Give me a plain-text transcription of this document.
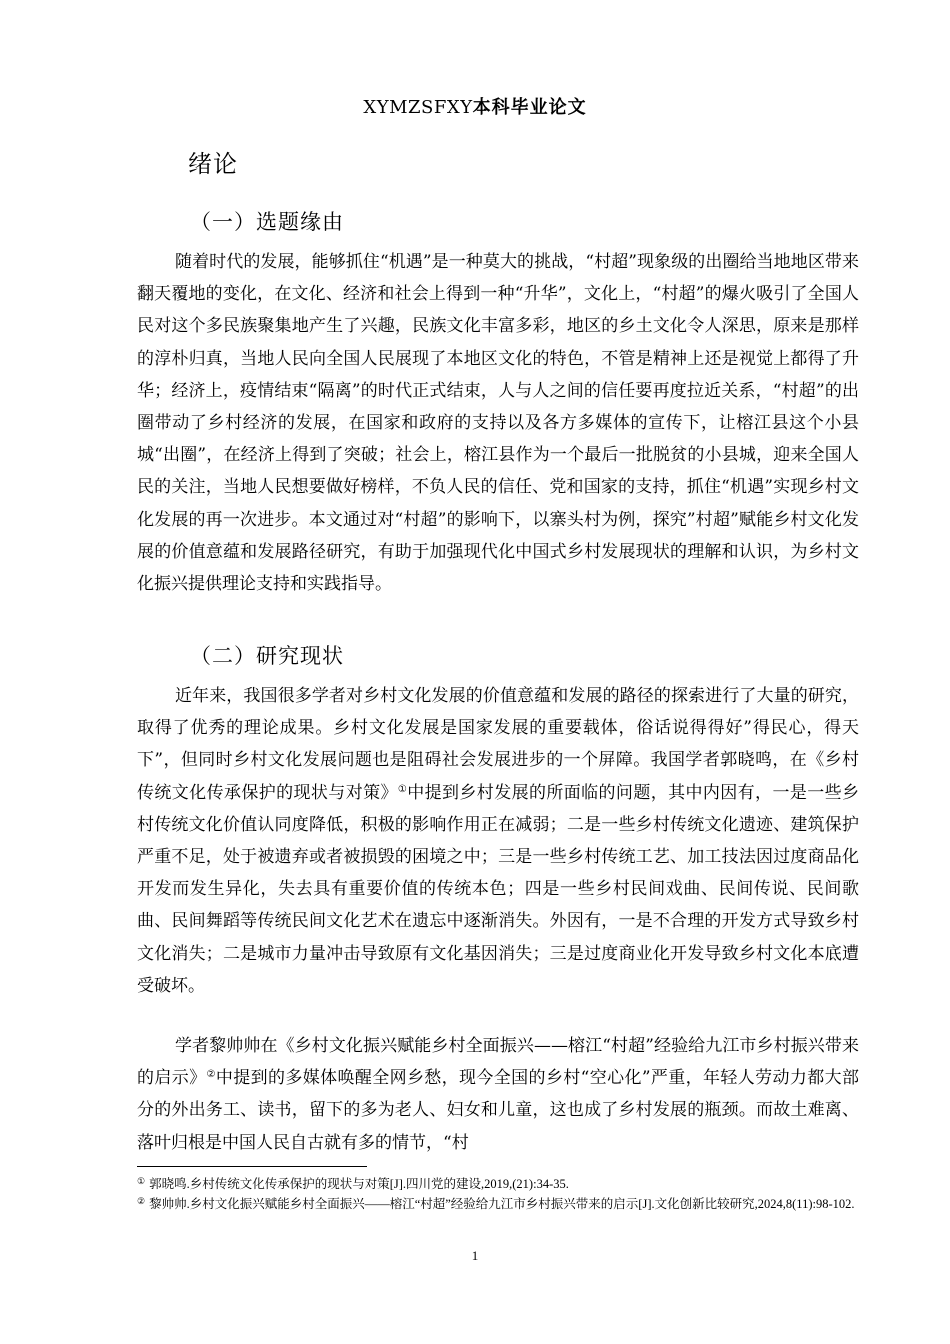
XYMZSFXY本科毕业论文
绪论
（一）选题缘由

随着时代的发展，能够抓住“机遇”是一种莫大的挑战，“村超”现象级的出圈给当地地区带来翻天覆地的变化，在文化、经济和社会上得到一种“升华”，文化上，“村超”的爆火吸引了全国人民对这个多民族聚集地产生了兴趣，民族文化丰富多彩，地区的乡土文化令人深思，原来是那样的淳朴归真，当地人民向全国人民展现了本地区文化的特色，不管是精神上还是视觉上都得了升华；经济上，疫情结束“隔离”的时代正式结束，人与人之间的信任要再度拉近关系，“村超”的出圈带动了乡村经济的发展，在国家和政府的支持以及各方多媒体的宣传下，让榕江县这个小县城“出圈”，在经济上得到了突破；社会上，榕江县作为一个最后一批脱贫的小县城，迎来全国人民的关注，当地人民想要做好榜样，不负人民的信任、党和国家的支持，抓住“机遇”实现乡村文化发展的再一次进步。本文通过对“村超”的影响下，以寨头村为例，探究”村超”赋能乡村文化发展的价值意蕴和发展路径研究，有助于加强现代化中国式乡村发展现状的理解和认识，为乡村文化振兴提供理论支持和实践指导。

（二）研究现状

近年来，我国很多学者对乡村文化发展的价值意蕴和发展的路径的探索进行了大量的研究，取得了优秀的理论成果。乡村文化发展是国家发展的重要载体，俗话说得得好”得民心，得天下”，但同时乡村文化发展问题也是阻碍社会发展进步的一个屏障。我国学者郭晓鸣，在《乡村传统文化传承保护的现状与对策》①中提到乡村发展的所面临的问题，其中内因有，一是一些乡村传统文化价值认同度降低，积极的影响作用正在减弱；二是一些乡村传统文化遗迹、建筑保护严重不足，处于被遗弃或者被损毁的困境之中；三是一些乡村传统工艺、加工技法因过度商品化开发而发生异化，失去具有重要价值的传统本色；四是一些乡村民间戏曲、民间传说、民间歌曲、民间舞蹈等传统民间文化艺术在遗忘中逐渐消失。外因有，一是不合理的开发方式导致乡村文化消失；二是城市力量冲击导致原有文化基因消失；三是过度商业化开发导致乡村文化本底遭受破坏。

学者黎帅帅在《乡村文化振兴赋能乡村全面振兴——榕江“村超”经验给九江市乡村振兴带来的启示》②中提到的多媒体唤醒全网乡愁，现今全国的乡村“空心化”严重，年轻人劳动力都大部分的外出务工、读书，留下的多为老人、妇女和儿童，这也成了乡村发展的瓶颈。而故土难离、落叶归根是中国人民自古就有多的情节，“村

① 郭晓鸣.乡村传统文化传承保护的现状与对策[J].四川党的建设,2019,(21):34-35.
② 黎帅帅.乡村文化振兴赋能乡村全面振兴——榕江“村超”经验给九江市乡村振兴带来的启示[J].文化创新比较研究,2024,8(11):98-102.
1
